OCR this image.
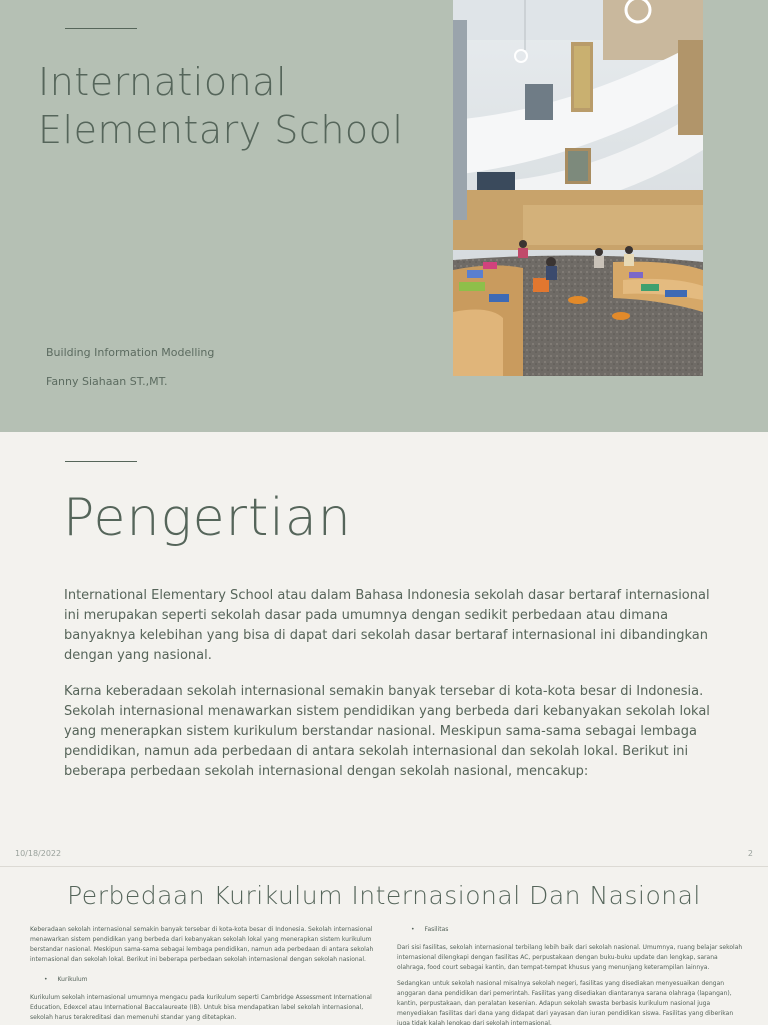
International
Elementary School
Building Information Modelling
Fanny Siahaan ST.,MT.
Pengertian

International Elementary School atau dalam Bahasa Indonesia sekolah dasar bertaraf internasional ini merupakan seperti sekolah dasar pada umumnya dengan sedikit perbedaan atau dimana banyaknya kelebihan yang bisa di dapat dari sekolah dasar bertaraf internasional ini dibandingkan dengan yang nasional.

Karna keberadaan sekolah internasional semakin banyak tersebar di kota-kota besar di Indonesia. Sekolah internasional menawarkan sistem pendidikan yang berbeda dari kebanyakan sekolah lokal yang menerapkan sistem kurikulum berstandar nasional. Meskipun sama-sama sebagai lembaga pendidikan, namun ada perbedaan di antara sekolah internasional dan sekolah lokal. Berikut ini beberapa perbedaan sekolah internasional dengan sekolah nasional, mencakup:

10/18/2022	2
Perbedaan Kurikulum Internasional Dan Nasional

Keberadaan sekolah internasional semakin banyak tersebar di kota-kota besar di Indonesia. Sekolah internasional menawarkan sistem pendidikan yang berbeda dari kebanyakan sekolah lokal yang menerapkan sistem kurikulum berstandar nasional. Meskipun sama-sama sebagai lembaga pendidikan, namun ada perbedaan di antara sekolah internasional dan sekolah lokal. Berikut ini beberapa perbedaan sekolah internasional dengan sekolah nasional.

• Kurikulum

Kurikulum sekolah internasional umumnya mengacu pada kurikulum seperti Cambridge Assessment International Education, Edexcel atau International Baccalaureate (IB). Untuk bisa mendapatkan label sekolah internasional, sekolah harus terakreditasi dan memenuhi standar yang ditetapkan.

• Fasilitas

Dari sisi fasilitas, sekolah internasional terbilang lebih baik dari sekolah nasional. Umumnya, ruang belajar sekolah internasional dilengkapi dengan fasilitas AC, perpustakaan dengan buku-buku update dan lengkap, sarana olahraga, food court sebagai kantin, dan tempat-tempat khusus yang menunjang keterampilan lainnya.

Sedangkan untuk sekolah nasional misalnya sekolah negeri, fasilitas yang disediakan menyesuaikan dengan anggaran dana pendidikan dari pemerintah. Fasilitas yang disediakan diantaranya sarana olahraga (lapangan), kantin, perpustakaan, dan peralatan kesenian. Adapun sekolah swasta berbasis kurikulum nasional juga menyediakan fasilitas dari dana yang didapat dari yayasan dan iuran pendidikan siswa. Fasilitas yang diberikan juga tidak kalah lengkap dari sekolah internasional.
